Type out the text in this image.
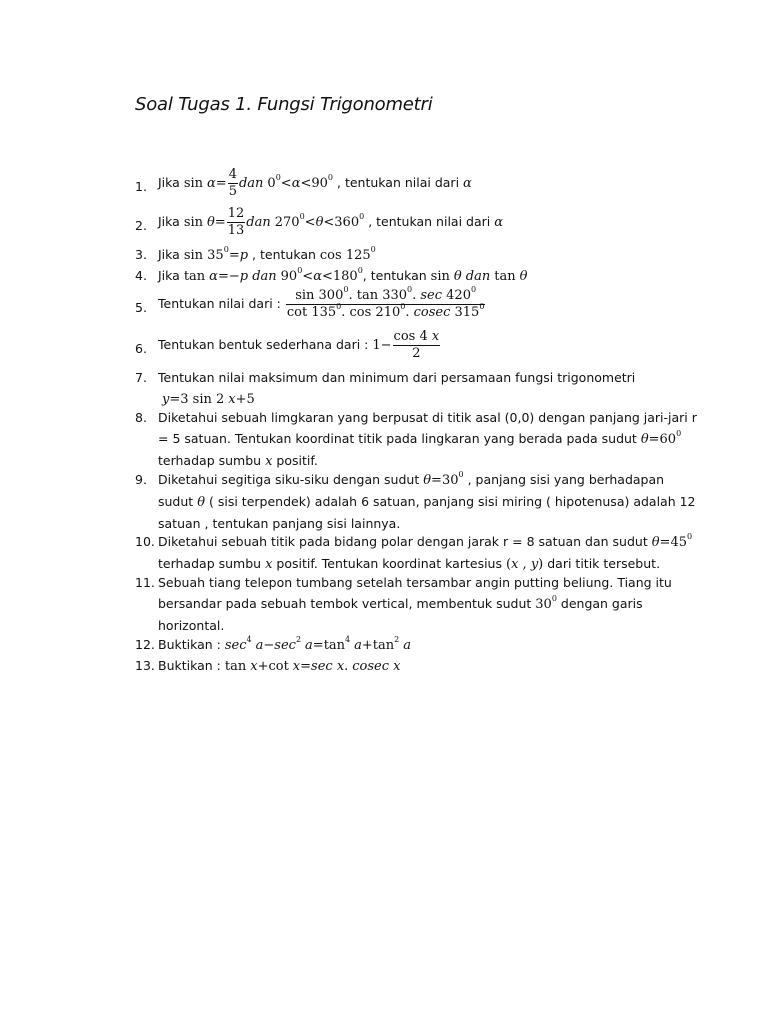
Soal Tugas 1. Fungsi Trigonometri
1. Jika $\sin \alpha= \frac{4}{5}$ dan $0^0<\alpha<90^0$ , tentukan nilai dari α
2. Jika $\sin \theta= \frac{12}{13}$ dan $270^0<\theta<360^0$ , tentukan nilai dari α
3. Jika $\sin 35^0=p$ , tentukan $\cos 125^0$
4. Jika tan α=−p dan $90^0<\alpha<180^0$, tentukan sin θ dan tan θ
5. Tentukan nilai dari : $\frac{\sin 300^0. \tan 330^0. \sec 420^0}{\cot 135^0. \cos 210^0. cosec 315^0}$
6. Tentukan bentuk sederhana dari : $1- \frac{\cos 4 x}{2}$
7. Tentukan nilai maksimum dan minimum dari persamaan fungsi trigonometri
y=3 sin 2 x+5
8. Diketahui sebuah limgkaran yang berpusat di titik asal (0,0) dengan panjang jari-jari r
= 5 satuan. Tentukan koordinat titik pada lingkaran yang berada pada sudut $\theta=60^0$
terhadap sumbu x positif.
9. Diketahui segitiga siku-siku dengan sudut $\theta=30^0$ , panjang sisi yang berhadapan
sudut θ ( sisi terpendek) adalah 6 satuan, panjang sisi miring ( hipotenusa) adalah 12
satuan , tentukan panjang sisi lainnya.
10. Diketahui sebuah titik pada bidang polar dengan jarak r = 8 satuan dan sudut $\theta=45^0$
terhadap sumbu x positif. Tentukan koordinat kartesius (x , y) dari titik tersebut.
11. Sebuah tiang telepon tumbang setelah tersambar angin putting beliung. Tiang itu
bersandar pada sebuah tembok vertical, membentuk sudut $30^0$ dengan garis
horizontal.
12. Buktikan : $\sec^4 a-\sec^2$ $a=\tan^4$ $a+\tan^2$ a
13. Buktikan : tan x+cot x=sec x. cosec x
